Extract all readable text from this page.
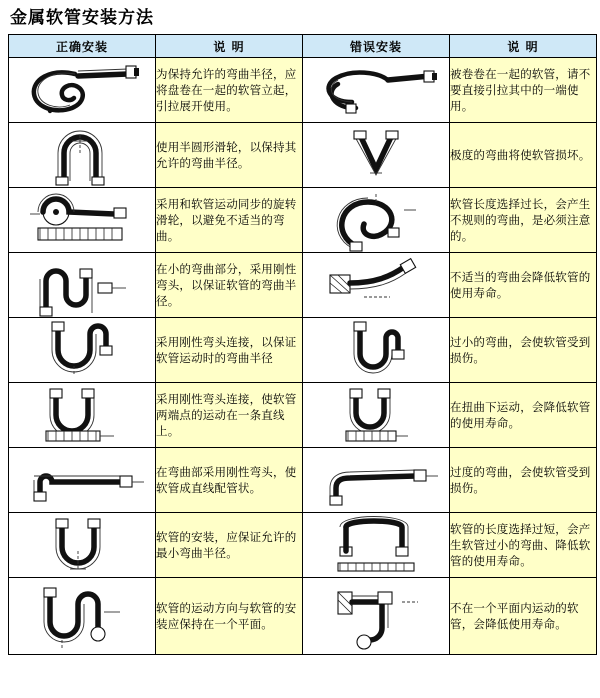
金属软管安装方法
正确安装	说 明	错误安装	说 明

	为保持允许的弯曲半径，应将盘卷在一起的软管立起，引拉展开使用。		被卷卷在一起的软管，请不要直接引拉其中的一端使用。

	使用半圆形滑轮，以保持其允许的弯曲半径。		极度的弯曲将使软管损坏。

	采用和软管运动同步的旋转滑轮，以避免不适当的弯曲。		软管长度选择过长，会产生不规则的弯曲，是必须注意的。

	在小的弯曲部分，采用刚性弯头，以保证软管的弯曲半径。		不适当的弯曲会降低软管的使用寿命。

	采用刚性弯头连接，以保证软管运动时的弯曲半径		过小的弯曲，会使软管受到损伤。

	采用刚性弯头连接，使软管两端点的运动在一条直线上。		在扭曲下运动，会降低软管的使用寿命。

	在弯曲部采用刚性弯头，使软管成直线配管状。		过度的弯曲，会使软管受到损伤。

	软管的安装，应保证允许的最小弯曲半径。		软管的长度选择过短，会产生软管过小的弯曲、降低软管的使用寿命。

	软管的运动方向与软管的安装应保持在一个平面。		不在一个平面内运动的软管，会降低使用寿命。
